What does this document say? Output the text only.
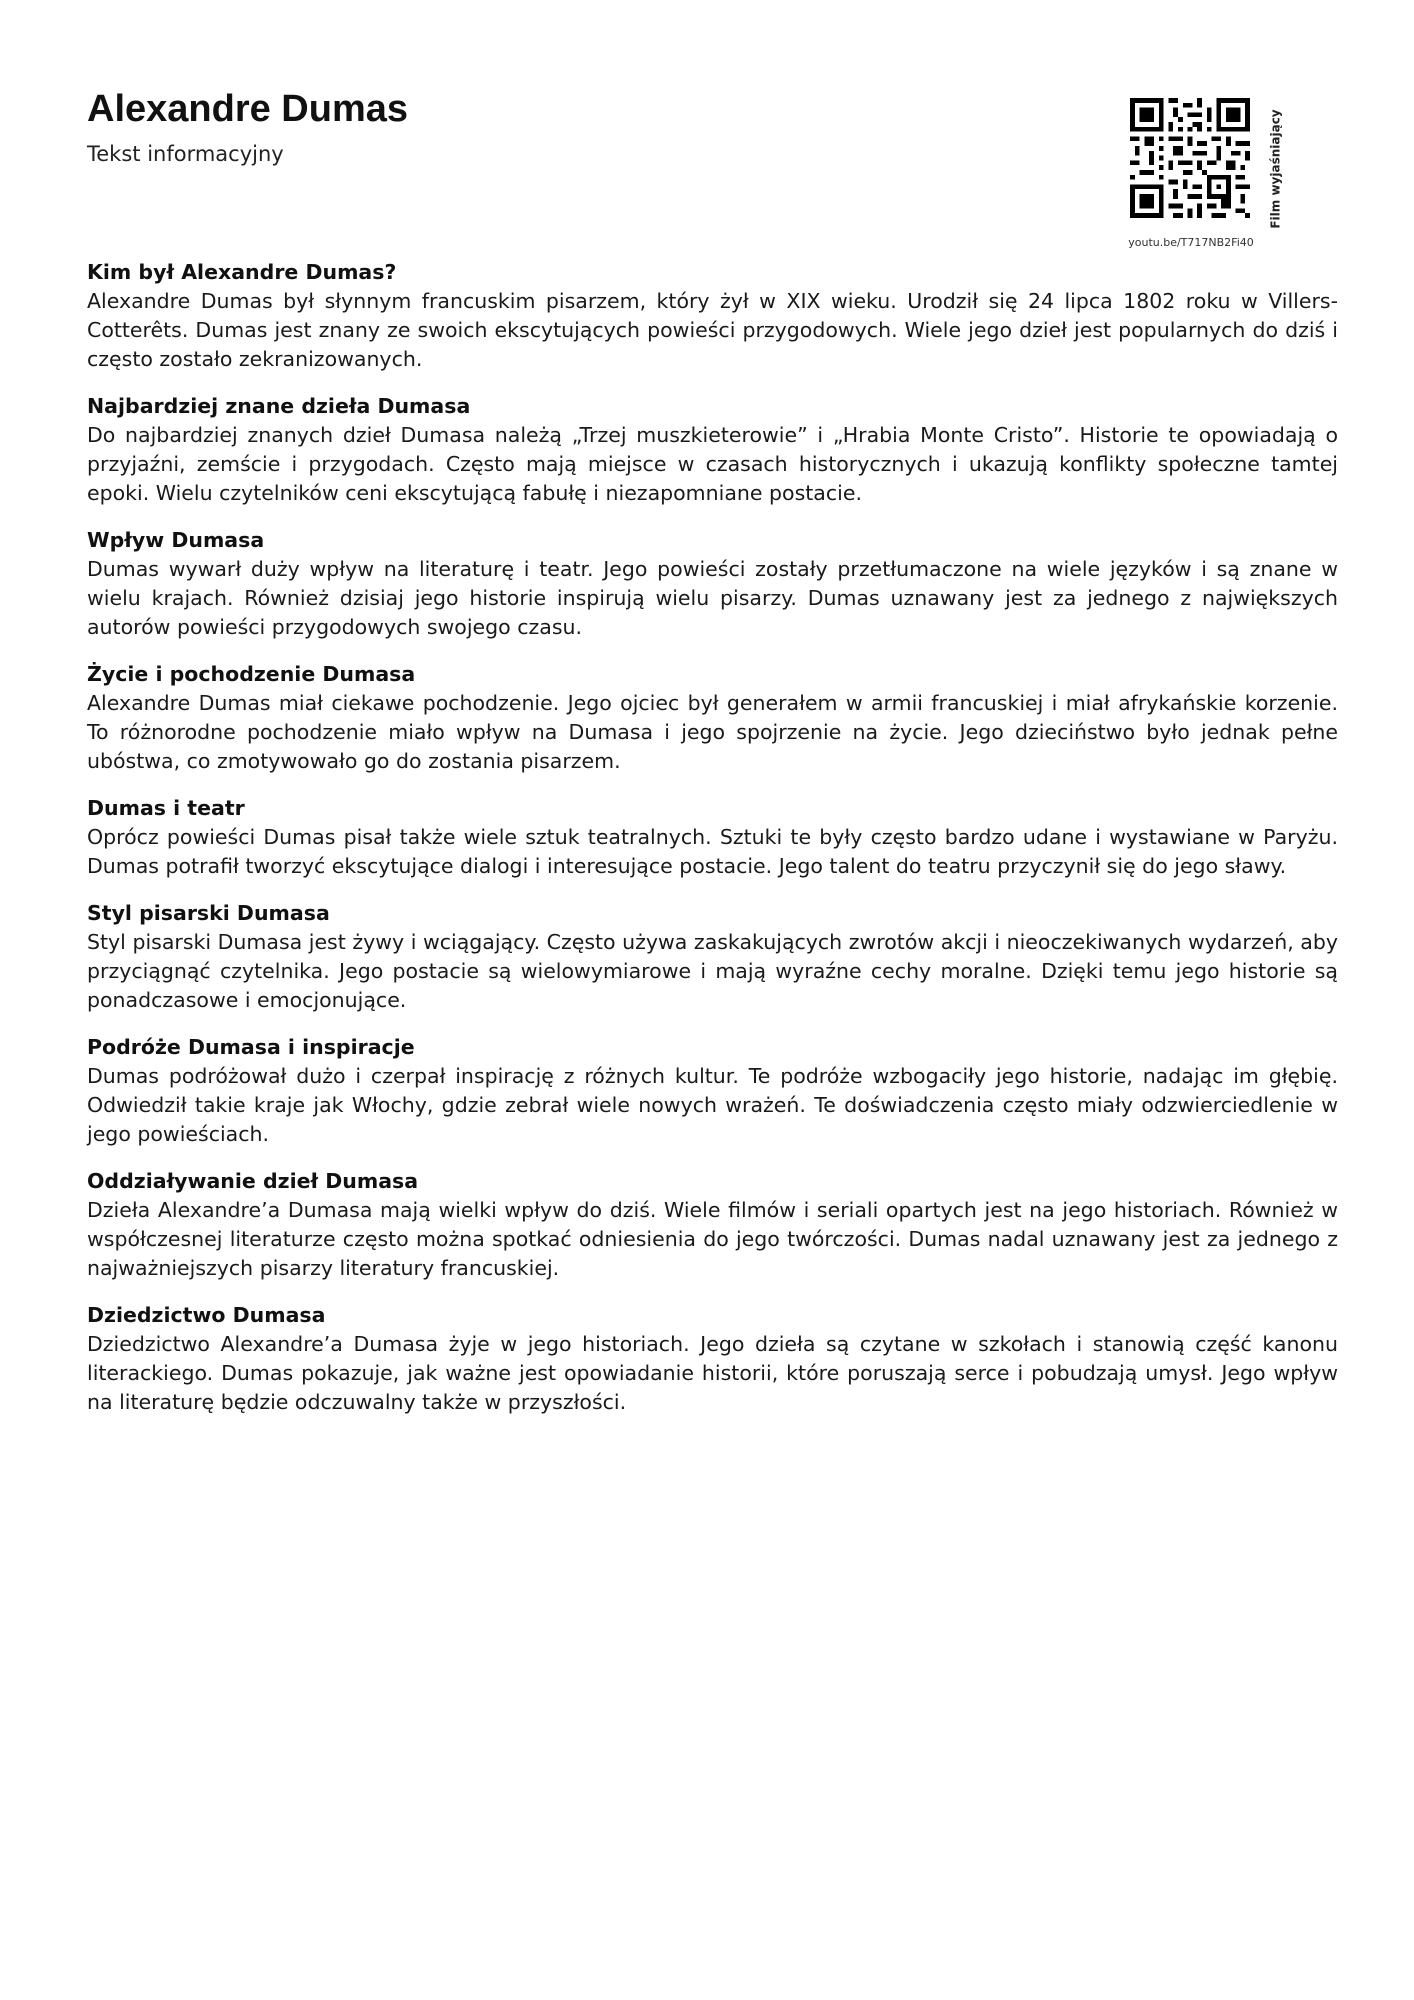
Alexandre Dumas
Tekst informacyjny
youtu.be/T717NB2Fi40
Film wyjaśniający
Kim był Alexandre Dumas?

Alexandre Dumas był słynnym francuskim pisarzem, który żył w XIX wieku. Urodził się 24 lipca 1802 roku w Villers-Cotterêts. Dumas jest znany ze swoich ekscytujących powieści przygodowych. Wiele jego dzieł jest popularnych do dziś i często zostało zekranizowanych.

Najbardziej znane dzieła Dumasa

Do najbardziej znanych dzieł Dumasa należą „Trzej muszkieterowie” i „Hrabia Monte Cristo”. Historie te opowiadają o przyjaźni, zemście i przygodach. Często mają miejsce w czasach historycznych i ukazują konflikty społeczne tamtej epoki. Wielu czytelników ceni ekscytującą fabułę i niezapomniane postacie.

Wpływ Dumasa

Dumas wywarł duży wpływ na literaturę i teatr. Jego powieści zostały przetłumaczone na wiele języków i są znane w wielu krajach. Również dzisiaj jego historie inspirują wielu pisarzy. Dumas uznawany jest za jednego z największych autorów powieści przygodowych swojego czasu.

Życie i pochodzenie Dumasa

Alexandre Dumas miał ciekawe pochodzenie. Jego ojciec był generałem w armii francuskiej i miał afrykańskie korzenie. To różnorodne pochodzenie miało wpływ na Dumasa i jego spojrzenie na życie. Jego dzieciństwo było jednak pełne ubóstwa, co zmotywowało go do zostania pisarzem.

Dumas i teatr

Oprócz powieści Dumas pisał także wiele sztuk teatralnych. Sztuki te były często bardzo udane i wystawiane w Paryżu. Dumas potrafił tworzyć ekscytujące dialogi i interesujące postacie. Jego talent do teatru przyczynił się do jego sławy.

Styl pisarski Dumasa

Styl pisarski Dumasa jest żywy i wciągający. Często używa zaskakujących zwrotów akcji i nieoczekiwanych wydarzeń, aby przyciągnąć czytelnika. Jego postacie są wielowymiarowe i mają wyraźne cechy moralne. Dzięki temu jego historie są ponadczasowe i emocjonujące.

Podróże Dumasa i inspiracje

Dumas podróżował dużo i czerpał inspirację z różnych kultur. Te podróże wzbogaciły jego historie, nadając im głębię. Odwiedził takie kraje jak Włochy, gdzie zebrał wiele nowych wrażeń. Te doświadczenia często miały odzwierciedlenie w jego powieściach.

Oddziaływanie dzieł Dumasa

Dzieła Alexandre’a Dumasa mają wielki wpływ do dziś. Wiele filmów i seriali opartych jest na jego historiach. Również w współczesnej literaturze często można spotkać odniesienia do jego twórczości. Dumas nadal uznawany jest za jednego z najważniejszych pisarzy literatury francuskiej.

Dziedzictwo Dumasa

Dziedzictwo Alexandre’a Dumasa żyje w jego historiach. Jego dzieła są czytane w szkołach i stanowią część kanonu literackiego. Dumas pokazuje, jak ważne jest opowiadanie historii, które poruszają serce i pobudzają umysł. Jego wpływ na literaturę będzie odczuwalny także w przyszłości.
